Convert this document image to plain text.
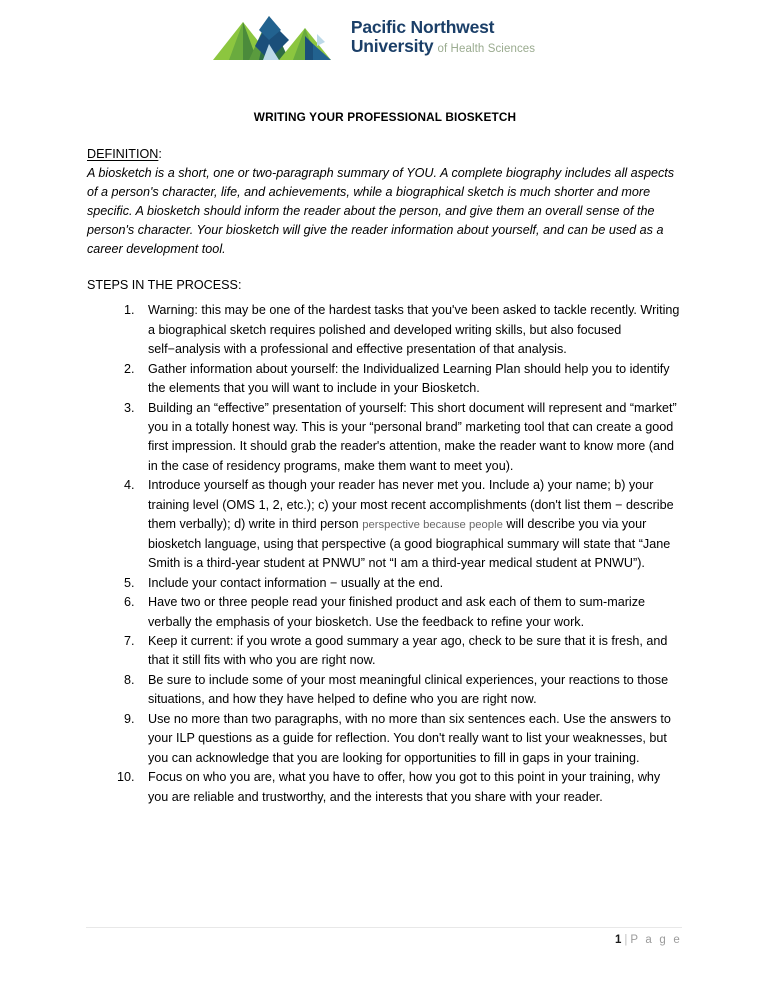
Pacific Northwest
University of Health Sciences
WRITING YOUR PROFESSIONAL BIOSKETCH
DEFINITION:
A biosketch is a short, one or two-paragraph summary of YOU. A complete biography includes all aspects of a person's character, life, and achievements, while a biographical sketch is much shorter and more specific. A biosketch should inform the reader about the person, and give them an overall sense of the person's character. Your biosketch will give the reader information about yourself, and can be used as a career development tool.
STEPS IN THE PROCESS:
1. Warning: this may be one of the hardest tasks that you've been asked to tackle recently. Writing a biographical sketch requires polished and developed writing skills, but also focused self−analysis with a professional and effective presentation of that analysis.
2. Gather information about yourself: the Individualized Learning Plan should help you to identify the elements that you will want to include in your Biosketch.
3. Building an “effective” presentation of yourself: This short document will represent and “market” you in a totally honest way. This is your “personal brand” marketing tool that can create a good first impression. It should grab the reader's attention, make the reader want to know more (and in the case of residency programs, make them want to meet you).
4. Introduce yourself as though your reader has never met you. Include a) your name; b) your training level (OMS 1, 2, etc.); c) your most recent accomplishments (don't list them − describe them verbally); d) write in third person perspective because people will describe you via your biosketch language, using that perspective (a good biographical summary will state that “Jane Smith is a third-year student at PNWU” not “I am a third-year medical student at PNWU”).
5. Include your contact information − usually at the end.
6. Have two or three people read your finished product and ask each of them to sum-marize verbally the emphasis of your biosketch. Use the feedback to refine your work.
7. Keep it current: if you wrote a good summary a year ago, check to be sure that it is fresh, and that it still fits with who you are right now.
8. Be sure to include some of your most meaningful clinical experiences, your reactions to those situations, and how they have helped to define who you are right now.
9. Use no more than two paragraphs, with no more than six sentences each. Use the answers to your ILP questions as a guide for reflection. You don't really want to list your weaknesses, but you can acknowledge that you are looking for opportunities to fill in gaps in your training.
10. Focus on who you are, what you have to offer, how you got to this point in your training, why you are reliable and trustworthy, and the interests that you share with your reader.
1 | P a g e
